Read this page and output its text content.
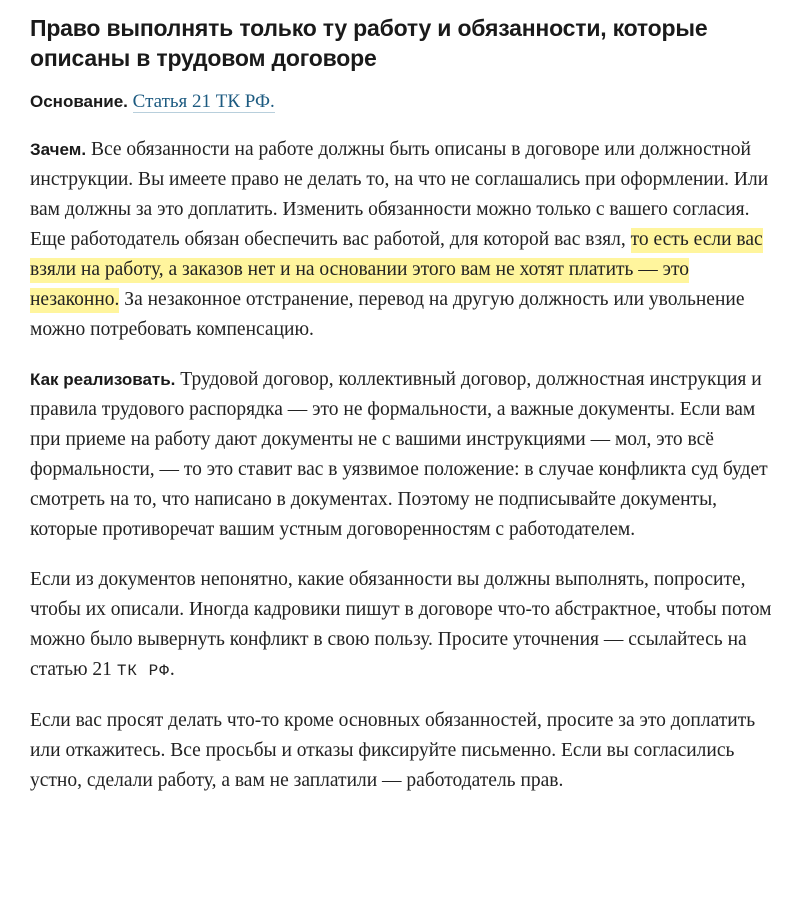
Право выполнять только ту работу и обязанности, которые описаны в трудовом договоре
Основание. Статья 21 ТК РФ.

Зачем. Все обязанности на работе должны быть описаны в договоре или должностной инструкции. Вы имеете право не делать то, на что не соглашались при оформлении. Или вам должны за это доплатить. Изменить обязанности можно только с вашего согласия. Еще работодатель обязан обеспечить вас работой, для которой вас взял, то есть если вас взяли на работу, а заказов нет и на основании этого вам не хотят платить — это незаконно. За незаконное отстранение, перевод на другую должность или увольнение можно потребовать компенсацию.

Как реализовать. Трудовой договор, коллективный договор, должностная инструкция и правила трудового распорядка — это не формальности, а важные документы. Если вам при приеме на работу дают документы не с вашими инструкциями — мол, это всё формальности, — то это ставит вас в уязвимое положение: в случае конфликта суд будет смотреть на то, что написано в документах. Поэтому не подписывайте документы, которые противоречат вашим устным договоренностям с работодателем.

Если из документов непонятно, какие обязанности вы должны выполнять, попросите, чтобы их описали. Иногда кадровики пишут в договоре что-то абстрактное, чтобы потом можно было вывернуть конфликт в свою пользу. Просите уточнения — ссылайтесь на статью 21 ТК РФ.

Если вас просят делать что-то кроме основных обязанностей, просите за это доплатить или откажитесь. Все просьбы и отказы фиксируйте письменно. Если вы согласились устно, сделали работу, а вам не заплатили — работодатель прав.
